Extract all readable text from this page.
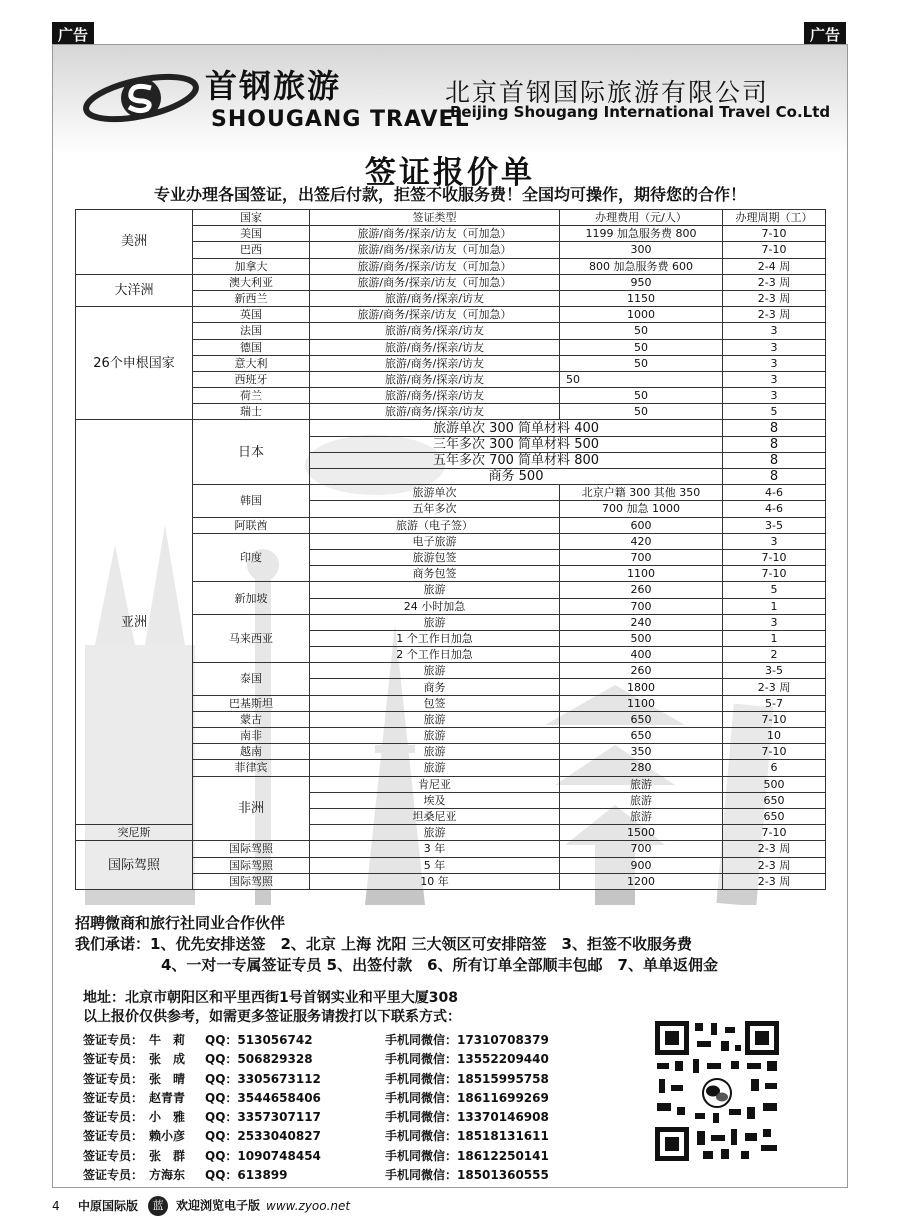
广告	广告
首钢旅游
SHOUGANG TRAVEL
北京首钢国际旅游有限公司
Beijing Shougang International Travel Co.Ltd
签证报价单
专业办理各国签证，出签后付款，拒签不收服务费！全国均可操作，期待您的合作！
美洲	国家	签证类型	办理费用（元/人）	办理周期（工）	
	美国	旅游/商务/探亲/访友（可加急）	1199 加急服务费 800	7-10	
	巴西	旅游/商务/探亲/访友（可加急）	300	7-10	
	加拿大	旅游/商务/探亲/访友（可加急）	800 加急服务费 600	2-4 周	
大洋洲	澳大利亚	旅游/商务/探亲/访友（可加急）	950	2-3 周	
	新西兰	旅游/商务/探亲/访友	1150	2-3 周	
26个申根国家	英国	旅游/商务/探亲/访友（可加急）	1000	2-3 周	
	法国	旅游/商务/探亲/访友	50	3	
	德国	旅游/商务/探亲/访友	50	3	
	意大利	旅游/商务/探亲/访友	50	3	
	西班牙	旅游/商务/探亲/访友	50	3	
	荷兰	旅游/商务/探亲/访友	50	3	
	瑞士	旅游/商务/探亲/访友	50	5	
亚洲	日本	旅游单次 300 简单材料 400		8	
		三年多次 300 简单材料 500		8	
		五年多次 700 简单材料 800		8	
		商务 500		8	
	韩国	旅游单次	北京户籍 300 其他 350	4-6	
		五年多次	700 加急 1000	4-6	
	阿联酋	旅游（电子签）	600	3-5	
	印度	电子旅游	420	3	
		旅游包签	700	7-10	
		商务包签	1100	7-10	
	新加坡	旅游	260	5	
		24 小时加急	700	1	
	马来西亚	旅游	240	3	
		1 个工作日加急	500	1	
		2 个工作日加急	400	2	
	泰国	旅游	260	3-5	
		商务	1800	2-3 周	
	巴基斯坦	包签	1100	5-7	
	蒙古	旅游	650	7-10	
	南非	旅游	650	10	
	越南	旅游	350	7-10	
	菲律宾	旅游	280	6	
	非洲	肯尼亚	旅游	500	
		埃及	旅游	650	
		坦桑尼亚	旅游	650	
突尼斯		旅游	1500	7-10	
国际驾照	国际驾照	3 年	700	2-3 周	
	国际驾照	5 年	900	2-3 周	
	国际驾照	10 年	1200	2-3 周	

招聘微商和旅行社同业合作伙伴

我们承诺：1、优先安排送签　2、北京 上海 沈阳 三大领区可安排陪签　3、拒签不收服务费

4、一对一专属签证专员 5、出签付款　6、所有订单全部顺丰包邮　7、单单返佣金

地址：北京市朝阳区和平里西街1号首钢实业和平里大厦308
以上报价仅供参考，如需更多签证服务请拨打以下联系方式：
签证专员： 牛　莉 QQ：513056742	手机同微信：17310708379
签证专员： 张　成 QQ：506829328	手机同微信：13552209440
签证专员： 张　晴 QQ：3305673112	手机同微信：18515995758
签证专员： 赵青青 QQ：3544658406	手机同微信：18611699269
签证专员： 小　雅 QQ：3357307117	手机同微信：13370146908
签证专员： 赖小彦 QQ：2533040827	手机同微信：18518131611
签证专员： 张　群 QQ：1090748454	手机同微信：18612250141
签证专员： 方海东 QQ：613899	手机同微信：18501360555
4 中原国际版 蓝 欢迎浏览电子版 www.zyoo.net
